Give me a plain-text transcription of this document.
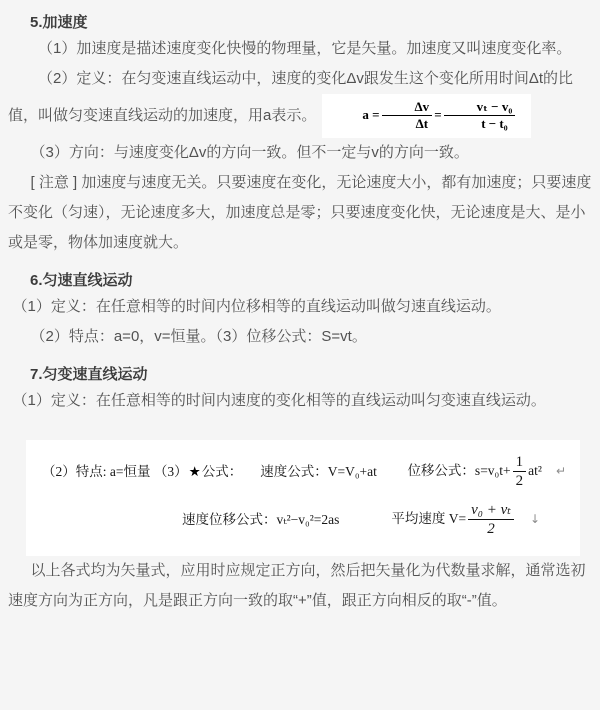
5.加速度

（1）加速度是描述速度变化快慢的物理量，它是矢量。加速度又叫速度变化率。

（2）定义：在匀变速直线运动中，速度的变化Δv跟发生这个变化所用时间Δt的比值，叫做匀变速直线运动的加速度，用a表示。	$a = \frac{\Delta v}{\Delta t} = \frac{\text{vₜ − v₀}}{\text{t − t₀}}$

（3）方向：与速度变化Δv的方向一致。但不一定与v的方向一致。

[ 注意 ] 加速度与速度无关。只要速度在变化，无论速度大小，都有加速度；只要速度不变化（匀速），无论速度多大，加速度总是零；只要速度变化快，无论速度是大、是小或是零，物体加速度就大。

6.匀速直线运动

（1）定义：在任意相等的时间内位移相等的直线运动叫做匀速直线运动。

（2）特点：a=0，v=恒量。（3）位移公式：S=vt。

7.匀变速直线运动

（1）定义：在任意相等的时间内速度的变化相等的直线运动叫匀变速直线运动。

（2）特点: a=恒量 （3）★公式： 速度公式：V=V₀+at 位移公式：$s=v_0t+ \frac{1}{2} at^2$ ↵
速度位移公式：vₜ²−v₀²=2as	平均速度 $V= \frac{\text{v₀ + vₜ}}{2}$ ↓

以上各式均为矢量式，应用时应规定正方向，然后把矢量化为代数量求解，通常选初速度方向为正方向，凡是跟正方向一致的取“+”值，跟正方向相反的取“-”值。
